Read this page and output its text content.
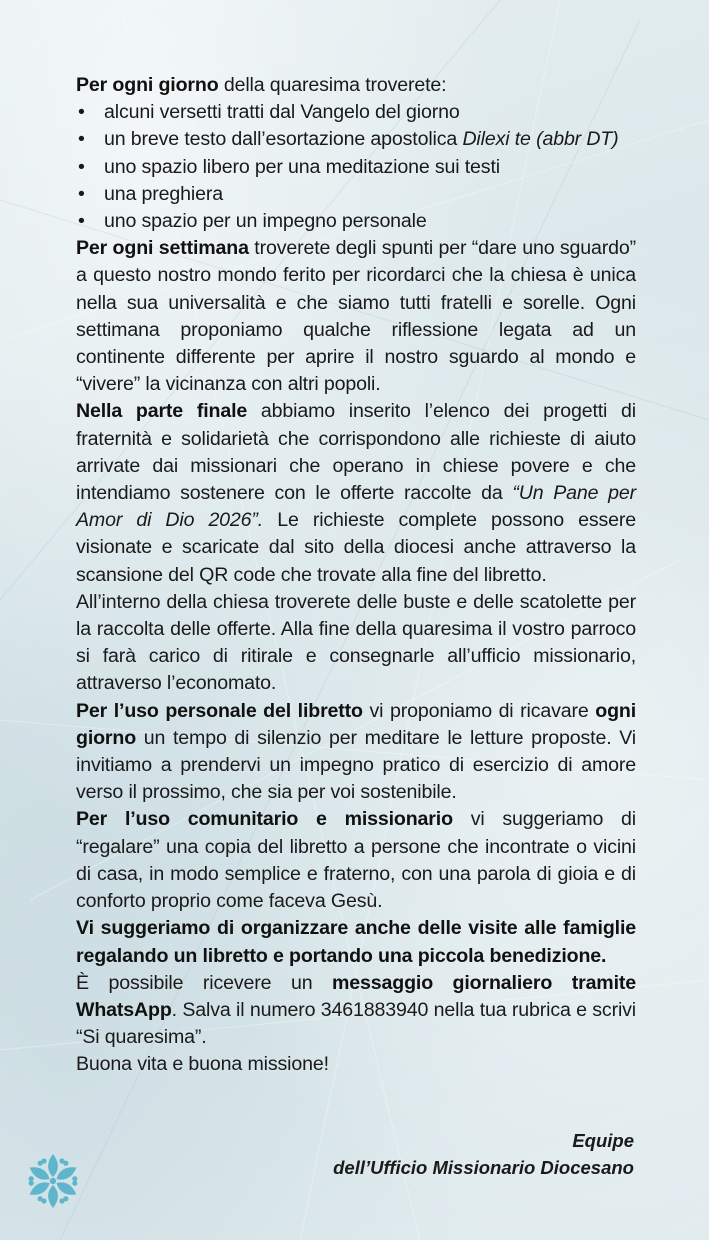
Per ogni giorno della quaresima troverete:

• alcuni versetti tratti dal Vangelo del giorno
• un breve testo dall’esortazione apostolica Dilexi te (abbr DT)
• uno spazio libero per una meditazione sui testi
• una preghiera
• uno spazio per un impegno personale

Per ogni settimana troverete degli spunti per “dare uno sguardo” a questo nostro mondo ferito per ricordarci che la chiesa è unica nella sua universalità e che siamo tutti fratelli e sorelle. Ogni settimana proponiamo qualche riflessione legata ad un continente differente per aprire il nostro sguardo al mondo e “vivere” la vicinanza con altri popoli.

Nella parte finale abbiamo inserito l’elenco dei progetti di fraternità e solidarietà che corrispondono alle richieste di aiuto arrivate dai missionari che operano in chiese povere e che intendiamo sostenere con le offerte raccolte da “Un Pane per Amor di Dio 2026”. Le richieste complete possono essere visionate e scaricate dal sito della diocesi anche attraverso la scansione del QR code che trovate alla fine del libretto.

All’interno della chiesa troverete delle buste e delle scatolette per la raccolta delle offerte. Alla fine della quaresima il vostro parroco si farà carico di ritirale e consegnarle all’ufficio missionario, attraverso l’economato.

Per l’uso personale del libretto vi proponiamo di ricavare ogni giorno un tempo di silenzio per meditare le letture proposte. Vi invitiamo a prendervi un impegno pratico di esercizio di amore verso il prossimo, che sia per voi sostenibile.

Per l’uso comunitario e missionario vi suggeriamo di “regalare” una copia del libretto a persone che incontrate o vicini di casa, in modo semplice e fraterno, con una parola di gioia e di conforto proprio come faceva Gesù.

Vi suggeriamo di organizzare anche delle visite alle famiglie regalando un libretto e portando una piccola benedizione.

È possibile ricevere un messaggio giornaliero tramite WhatsApp. Salva il numero 3461883940 nella tua rubrica e scrivi “Si quaresima”.

Buona vita e buona missione!

Equipe
dell’Ufficio Missionario Diocesano
